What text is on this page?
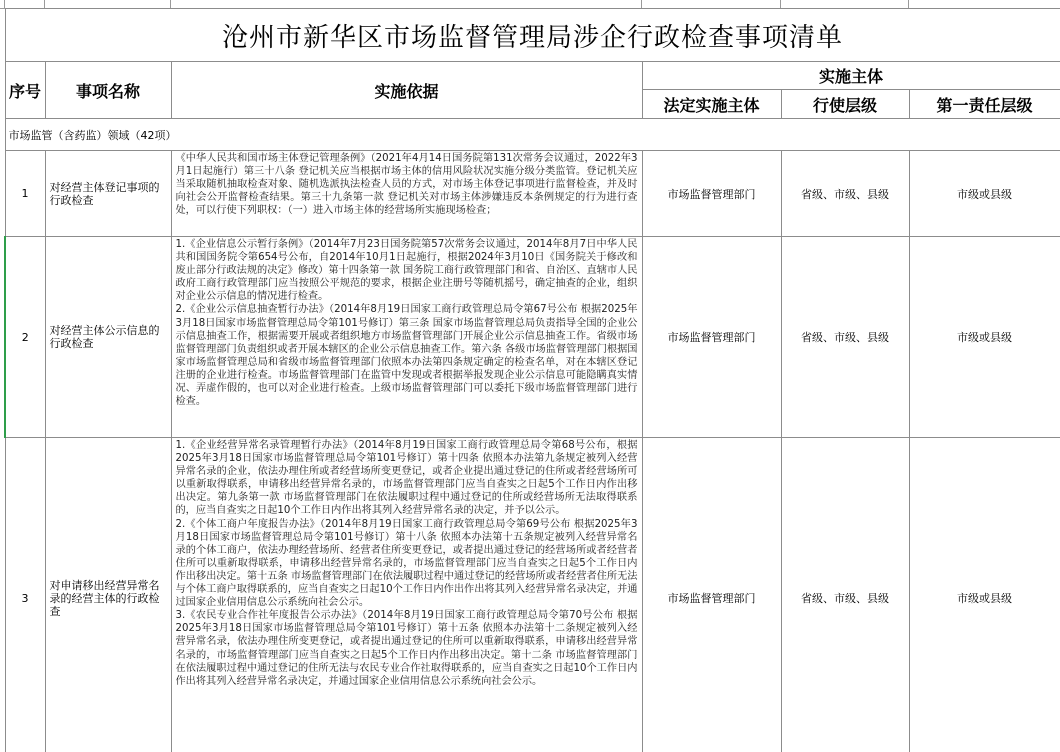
沧州市新华区市场监督管理局涉企行政检查事项清单					
序号	事项名称	实施依据	实施主体		
			法定实施主体	行使层级	第一责任层级
市场监管（含药监）领域（42项）					
1	对经营主体登记事项的行政检查	《中华人民共和国市场主体登记管理条例》（2021年4月14日国务院第131次常务会议通过，2022年3月1日起施行）第三十八条 登记机关应当根据市场主体的信用风险状况实施分级分类监管。登记机关应当采取随机抽取检查对象、随机选派执法检查人员的方式，对市场主体登记事项进行监督检查，并及时向社会公开监督检查结果。第三十九条第一款 登记机关对市场主体涉嫌违反本条例规定的行为进行查处，可以行使下列职权：（一）进入市场主体的经营场所实施现场检查；	市场监督管理部门	省级、市级、县级	市级或县级
2	对经营主体公示信息的行政检查	1.《企业信息公示暂行条例》（2014年7月23日国务院第57次常务会议通过，2014年8月7日中华人民共和国国务院令第654号公布，自2014年10月1日起施行，根据2024年3月10日《国务院关于修改和废止部分行政法规的决定》修改）第十四条第一款 国务院工商行政管理部门和省、自治区、直辖市人民政府工商行政管理部门应当按照公平规范的要求，根据企业注册号等随机摇号，确定抽查的企业，组织对企业公示信息的情况进行检查。
2.《企业公示信息抽查暂行办法》（2014年8月19日国家工商行政管理总局令第67号公布 根据2025年3月18日国家市场监督管理总局令第101号修订）第三条 国家市场监督管理总局负责指导全国的企业公示信息抽查工作，根据需要开展或者组织地方市场监督管理部门开展企业公示信息抽查工作。省级市场监督管理部门负责组织或者开展本辖区的企业公示信息抽查工作。第六条 各级市场监督管理部门根据国家市场监督管理总局和省级市场监督管理部门依照本办法第四条规定确定的检查名单，对在本辖区登记注册的企业进行检查。市场监督管理部门在监管中发现或者根据举报发现企业公示信息可能隐瞒真实情况、弄虚作假的，也可以对企业进行检查。上级市场监督管理部门可以委托下级市场监督管理部门进行检查。	市场监督管理部门	省级、市级、县级	市级或县级
3	对申请移出经营异常名录的经营主体的行政检查	1.《企业经营异常名录管理暂行办法》（2014年8月19日国家工商行政管理总局令第68号公布，根据2025年3月18日国家市场监督管理总局令第101号修订）第十四条 依照本办法第九条规定被列入经营异常名录的企业，依法办理住所或者经营场所变更登记，或者企业提出通过登记的住所或者经营场所可以重新取得联系，申请移出经营异常名录的，市场监督管理部门应当自查实之日起5个工作日内作出移出决定。第九条第一款 市场监督管理部门在依法履职过程中通过登记的住所或经营场所无法取得联系的，应当自查实之日起10个工作日内作出将其列入经营异常名录的决定，并予以公示。
2.《个体工商户年度报告办法》（2014年8月19日国家工商行政管理总局令第69号公布 根据2025年3月18日国家市场监督管理总局令第101号修订）第十八条 依照本办法第十五条规定被列入经营异常名录的个体工商户，依法办理经营场所、经营者住所变更登记，或者提出通过登记的经营场所或者经营者住所可以重新取得联系，申请移出经营异常名录的，市场监督管理部门应当自查实之日起5个工作日内作出移出决定。第十五条 市场监督管理部门在依法履职过程中通过登记的经营场所或者经营者住所无法与个体工商户取得联系的，应当自查实之日起10个工作日内作出作出将其列入经营异常名录决定，并通过国家企业信用信息公示系统向社会公示。
3.《农民专业合作社年度报告公示办法》（2014年8月19日国家工商行政管理总局令第70号公布 根据2025年3月18日国家市场监督管理总局令第101号修订）第十五条 依照本办法第十二条规定被列入经营异常名录，依法办理住所变更登记，或者提出通过登记的住所可以重新取得联系，申请移出经营异常名录的，市场监督管理部门应当自查实之日起5个工作日内作出移出决定。第十二条 市场监督管理部门在依法履职过程中通过登记的住所无法与农民专业合作社取得联系的，应当自查实之日起10个工作日内作出将其列入经营异常名录决定，并通过国家企业信用信息公示系统向社会公示。	市场监督管理部门	省级、市级、县级	市级或县级
